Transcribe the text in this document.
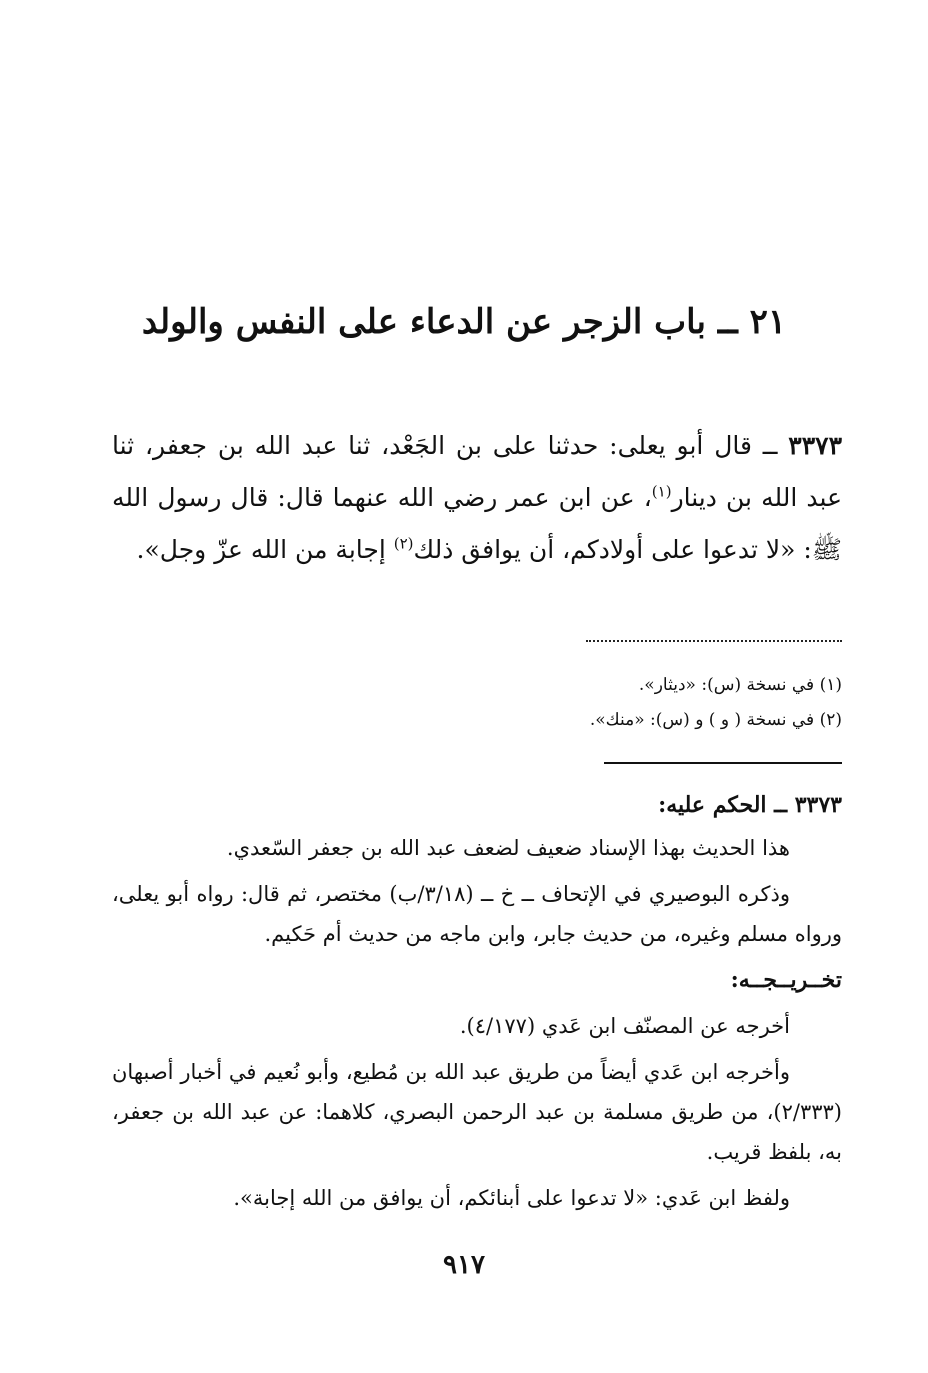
٢١ ــ باب الزجر عن الدعاء على النفس والولد

٣٣٧٣ ــ قال أبو يعلى: حدثنا على بن الجَعْد، ثنا عبد الله بن جعفر، ثنا عبد الله بن دينار$^{(١)}$، عن ابن عمر رضي الله عنهما قال: قال رسول الله ﷺ: «لا تدعوا على أولادكم، أن يوافق ذلك$^{(٢)}$ إجابة من الله عزّ وجل».

(١) في نسخة (س): «ديثار».
(٢) في نسخة ( و ) و (س): «منك».
٣٣٧٣ ــ الحكم عليه:
هذا الحديث بهذا الإسناد ضعيف لضعف عبد الله بن جعفر السّعدي.
وذكره البوصيري في الإتحاف ــ خ ــ (٣/١٨/ب) مختصر، ثم قال: رواه أبو يعلى، ورواه مسلم وغيره، من حديث جابر، وابن ماجه من حديث أم حَكيم.
تخــريــجــه:
أخرجه عن المصنّف ابن عَدي (٤/١٧٧).
وأخرجه ابن عَدي أيضاً من طريق عبد الله بن مُطيع، وأبو نُعيم في أخبار أصبهان (٢/٣٣٣)، من طريق مسلمة بن عبد الرحمن البصري، كلاهما: عن عبد الله بن جعفر، به، بلفظ قريب.
ولفظ ابن عَدي: «لا تدعوا على أبنائكم، أن يوافق من الله إجابة».
٩١٧
